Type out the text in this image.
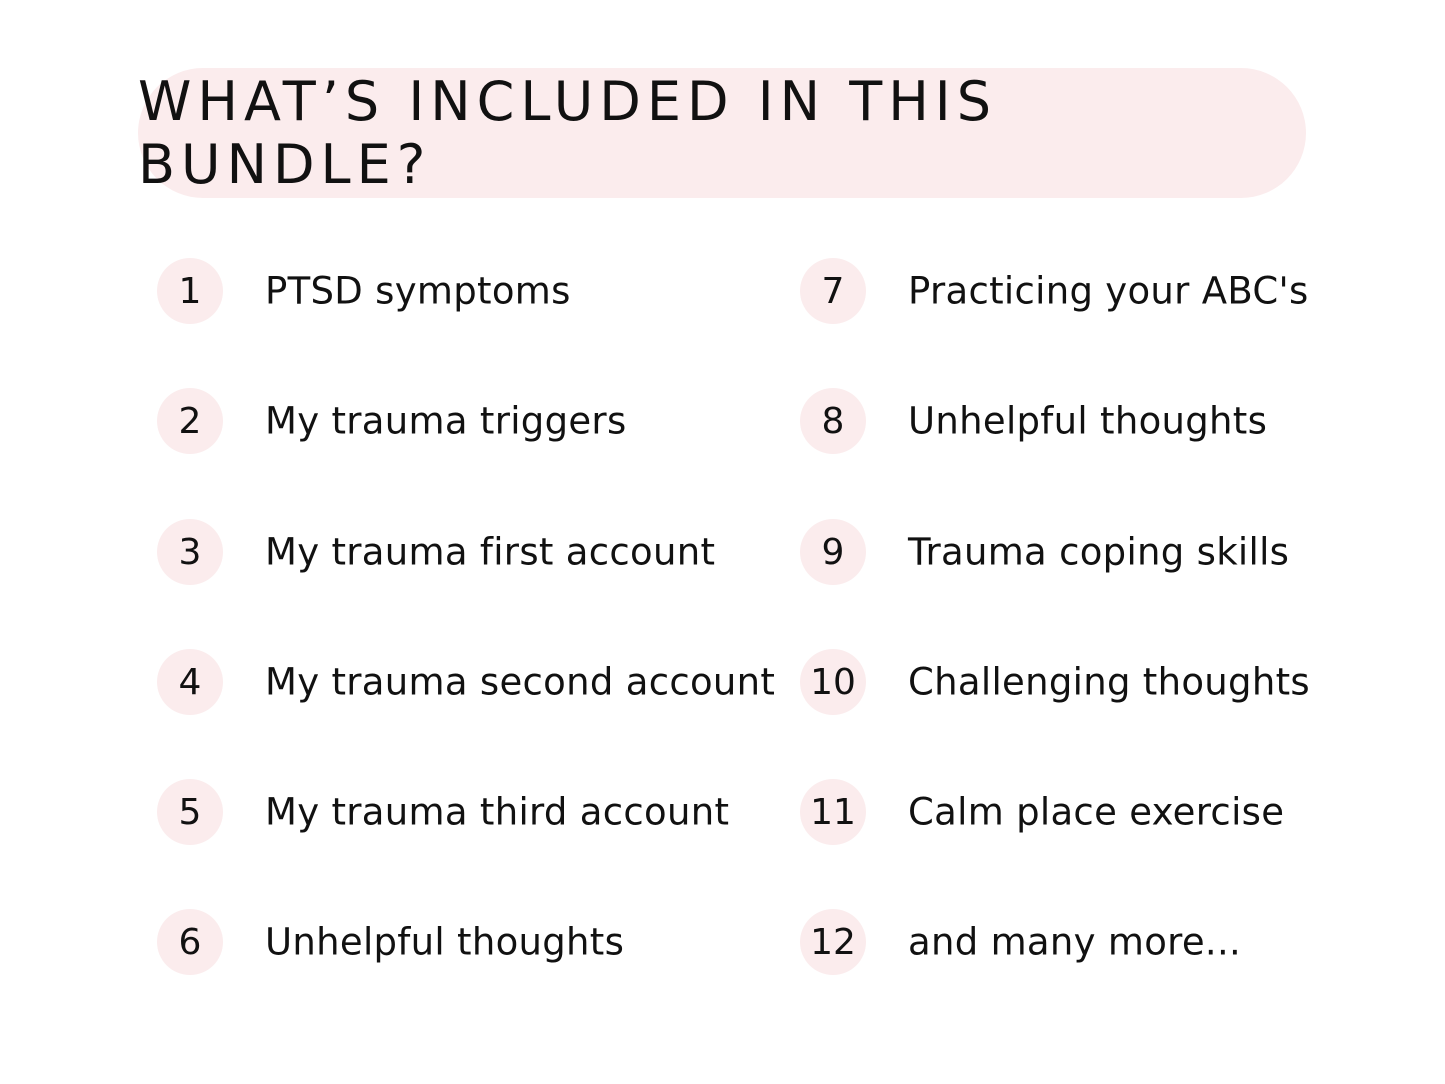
WHAT’S INCLUDED IN THIS BUNDLE?
1	PTSD symptoms
2	My trauma triggers
3	My trauma first account
4	My trauma second account
5	My trauma third account
6	Unhelpful thoughts
7	Practicing your ABC's
8	Unhelpful thoughts
9	Trauma coping skills
10 Challenging thoughts
11 Calm place exercise
12 and many more...
